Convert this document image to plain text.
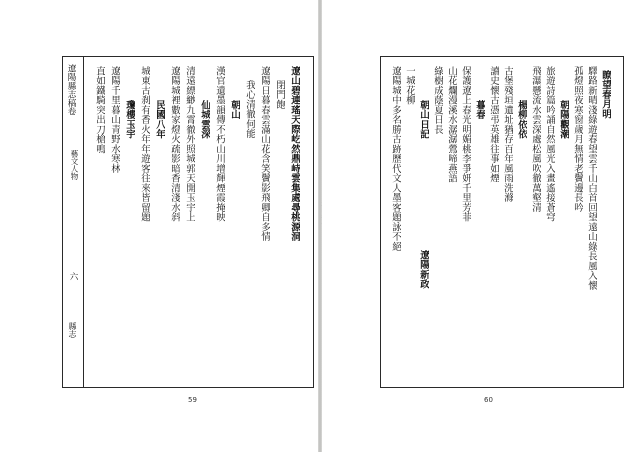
遼陽縣志稿卷
藝文人物
六
縣志
遼山碧連瑤天際屹然鼎峙雲集處尋桃源洞
閉門飽
遼陽日暮春雲滿山花含笑鬢影飛卿自多情
我心清徹何能
朝山
漢官遺墨韻傳不朽山川增輝煙霞掩映
仙城雲深
清遠縹緲九霄徹外照城郭天開玉宇上
遼陽城裡數家燈火疏影暗香清淺水斜
民國八年
城東古刹有香火年年遊客往來皆留題
瓊樓玉宇
遼陽千里暮山青野水寒林
直如鐵騎突出刀槍鳴
59	60
瞭望春月明
驛路新晴淺綠遊春望雲千山白首回望遠山綠長風入懷
孤燈照夜寒窗歲月無情老鬢邊長吟
朝陽觀潮
旅遊詩篇吟誦自然風光入畫遙接蒼穹
飛瀑懸流水雲深處松風吹徹萬壑清
楊柳依依
古堡殘垣遺址猶存百年風雨洗滌
讀史懷古憑弔英雄往事如煙
暮春
保護遼上春光明媚桃李爭妍千里芳菲
山花爛漫溪水潺潺鶯啼燕語
綠樹成蔭夏日長
朝山日記
遼陽新政
一城花柳
遼陽城中多名勝古跡歷代文人墨客題詠不絕
